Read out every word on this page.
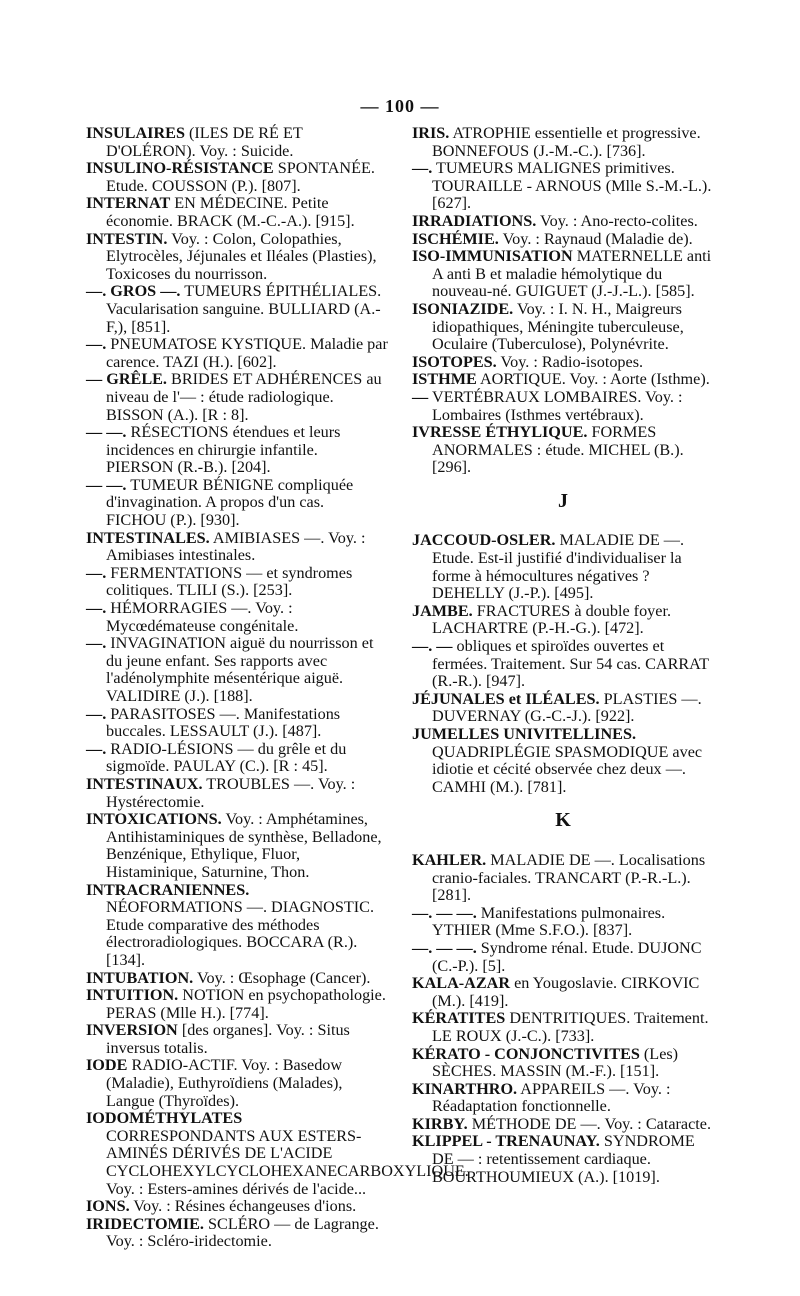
— 100 —

INSULAIRES (ILES DE RÉ ET D'OLÉRON). Voy. : Suicide.

INSULINO-RÉSISTANCE SPONTANÉE. Etude. COUSSON (P.). [807].

INTERNAT EN MÉDECINE. Petite économie. BRACK (M.-C.-A.). [915].

INTESTIN. Voy. : Colon, Colopathies, Elytrocèles, Jéjunales et Iléales (Plasties), Toxicoses du nourrisson.

—. GROS —. TUMEURS ÉPITHÉLIALES. Vacularisation sanguine. BULLIARD (A.-F,), [851].

—. PNEUMATOSE KYSTIQUE. Maladie par carence. TAZI (H.). [602].

— GRÊLE. BRIDES ET ADHÉRENCES au niveau de l'— : étude radiologique. BISSON (A.). [R : 8].

— —. RÉSECTIONS étendues et leurs incidences en chirurgie infantile. PIERSON (R.-B.). [204].

— —. TUMEUR BÉNIGNE compliquée d'invagination. A propos d'un cas. FICHOU (P.). [930].

INTESTINALES. AMIBIASES —. Voy. : Amibiases intestinales.

—. FERMENTATIONS — et syndromes colitiques. TLILI (S.). [253].

—. HÉMORRAGIES —. Voy. : Mycœdémateuse congénitale.

—. INVAGINATION aiguë du nourrisson et du jeune enfant. Ses rapports avec l'adénolymphite mésentérique aiguë. VALIDIRE (J.). [188].

—. PARASITOSES —. Manifestations buccales. LESSAULT (J.). [487].

—. RADIO-LÉSIONS — du grêle et du sigmoïde. PAULAY (C.). [R : 45].

INTESTINAUX. TROUBLES —. Voy. : Hystérectomie.

INTOXICATIONS. Voy. : Amphétamines, Antihistaminiques de synthèse, Belladone, Benzénique, Ethylique, Fluor, Histaminique, Saturnine, Thon.

INTRACRANIENNES. NÉOFORMATIONS —. DIAGNOSTIC. Etude comparative des méthodes électroradiologiques. BOCCARA (R.). [134].

INTUBATION. Voy. : Œsophage (Cancer).

INTUITION. NOTION en psychopathologie. PERAS (Mlle H.). [774].

INVERSION [des organes]. Voy. : Situs inversus totalis.

IODE RADIO-ACTIF. Voy. : Basedow (Maladie), Euthyroïdiens (Malades), Langue (Thyroïdes).

IODOMÉTHYLATES CORRESPONDANTS AUX ESTERS-AMINÉS DÉRIVÉS DE L'ACIDE CYCLOHEXYLCYCLOHEXANECARBOXYLIQUE. Voy. : Esters-amines dérivés de l'acide...

IONS. Voy. : Résines échangeuses d'ions.

IRIDECTOMIE. SCLÉRO — de Lagrange. Voy. : Scléro-iridectomie.

IRIS. ATROPHIE essentielle et progressive. BONNEFOUS (J.-M.-C.). [736].

—. TUMEURS MALIGNES primitives. TOURAILLE - ARNOUS (Mlle S.-M.-L.). [627].

IRRADIATIONS. Voy. : Ano-recto-colites.

ISCHÉMIE. Voy. : Raynaud (Maladie de).

ISO-IMMUNISATION MATERNELLE anti A anti B et maladie hémolytique du nouveau-né. GUIGUET (J.-J.-L.). [585].

ISONIAZIDE. Voy. : I. N. H., Maigreurs idiopathiques, Méningite tuberculeuse, Oculaire (Tuberculose), Polynévrite.

ISOTOPES. Voy. : Radio-isotopes.

ISTHME AORTIQUE. Voy. : Aorte (Isthme).

— VERTÉBRAUX LOMBAIRES. Voy. : Lombaires (Isthmes vertébraux).

IVRESSE ÉTHYLIQUE. FORMES ANORMALES : étude. MICHEL (B.). [296].

J

JACCOUD-OSLER. MALADIE DE —. Etude. Est-il justifié d'individualiser la forme à hémocultures négatives ? DEHELLY (J.-P.). [495].

JAMBE. FRACTURES à double foyer. LACHARTRE (P.-H.-G.). [472].

—. — obliques et spiroïdes ouvertes et fermées. Traitement. Sur 54 cas. CARRAT (R.-R.). [947].

JÉJUNALES et ILÉALES. PLASTIES —. DUVERNAY (G.-C.-J.). [922].

JUMELLES UNIVITELLINES. QUADRIPLÉGIE SPASMODIQUE avec idiotie et cécité observée chez deux —. CAMHI (M.). [781].

K

KAHLER. MALADIE DE —. Localisations cranio-faciales. TRANCART (P.-R.-L.). [281].

—. — —. Manifestations pulmonaires. YTHIER (Mme S.F.O.). [837].

—. — —. Syndrome rénal. Etude. DUJONC (C.-P.). [5].

KALA-AZAR en Yougoslavie. CIRKOVIC (M.). [419].

KÉRATITES DENTRITIQUES. Traitement. LE ROUX (J.-C.). [733].

KÉRATO - CONJONCTIVITES (Les) SÈCHES. MASSIN (M.-F.). [151].

KINARTHRO. APPAREILS —. Voy. : Réadaptation fonctionnelle.

KIRBY. MÉTHODE DE —. Voy. : Cataracte.

KLIPPEL - TRENAUNAY. SYNDROME DE — : retentissement cardiaque. BOURTHOUMIEUX (A.). [1019].
